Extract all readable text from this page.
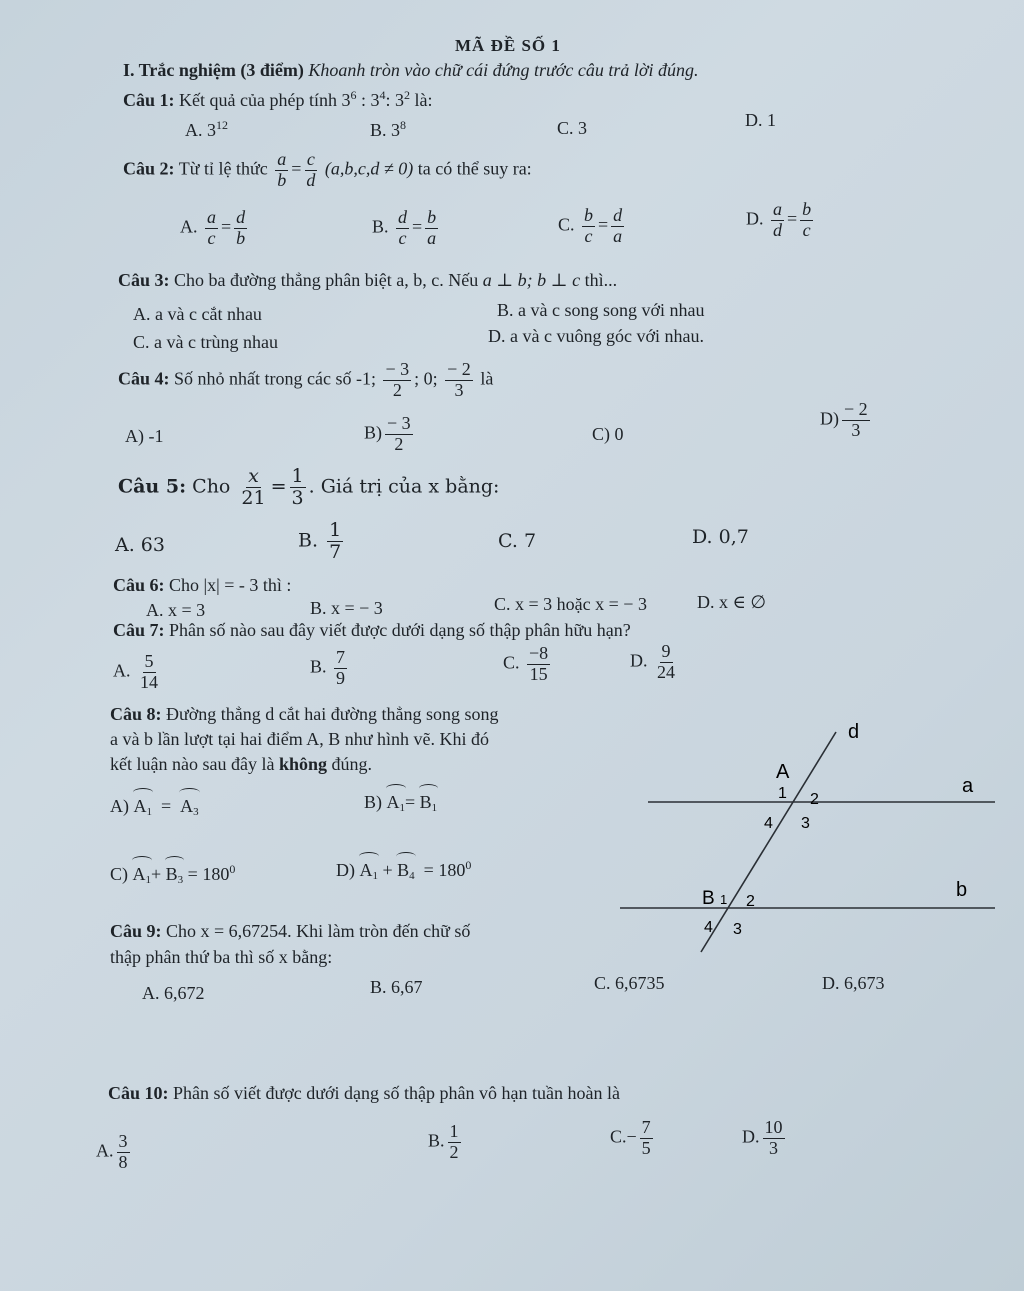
MÃ ĐỀ SỐ 1
I. Trắc nghiệm (3 điểm) Khoanh tròn vào chữ cái đứng trước câu trả lời đúng.
Câu 1: Kết quả của phép tính $3^6$ : $3^4$: $3^2$ là:
A. $3^{12}$	B. $3^8$	C. 3	D. 1
Câu 2: Từ tỉ lệ thức $\frac{a}{b} = \frac{c}{d} (a,b,c,d \ne 0)$ ta có thể suy ra:
A. $\frac{a}{c} = \frac{d}{b}$	B. $\frac{d}{c} = \frac{b}{a}$	C. $\frac{b}{c} = \frac{d}{a}$	D. $\frac{a}{d} = \frac{b}{c}$
Câu 3: Cho ba đường thẳng phân biệt a, b, c. Nếu a ⊥ b; b ⊥ c thì...
A. a và c cắt nhau	B. a và c song song với nhau
C. a và c trùng nhau	D. a và c vuông góc với nhau.
Câu 4: Số nhỏ nhất trong các số -1; $\frac{- 3}{2}$ ; 0; $\frac{- 2}{3}$ là
A) -1	$B) \frac{- 3}{2}$	C) 0
$D) \frac{- 2}{3}$
Câu 5: Cho $\frac{x}{21} = \frac{1}{3}$ . Giá trị của x bằng:
A. 63	B. $\frac{1}{7}$	C. 7	D. 0,7
Câu 6: Cho |x| = - 3 thì :
A. x = 3	B. x = − 3	C. x = 3 hoặc x = − 3	D. x ∈ ∅
Câu 7: Phân số nào sau đây viết được dưới dạng số thập phân hữu hạn?
A. $\frac{5}{14}$	B. $\frac{7}{9}$	C. $\frac{-8}{15}$	D. $\frac{9}{24}$
Câu 8: Đường thẳng d cắt hai đường thẳng song song
a và b lần lượt tại hai điểm A, B như hình vẽ. Khi đó
kết luận nào sau đây là không đúng.
A) $A_1 = A_3$	B) $A_1= B_1$
C) $A_1+ B_3 = 180^0$	D) $A_1 + B_4 = 180^0$
d
a
b
A
1 2
4 3
B 1 2
4 3
Câu 9: Cho x = 6,67254. Khi làm tròn đến chữ số
thập phân thứ ba thì số x bằng:
A. 6,672	B. 6,67	C. 6,6735	D. 6,673
Câu 10: Phân số viết được dưới dạng số thập phân vô hạn tuần hoàn là
A. $\frac{3}{8}$	B. $\frac{1}{2}$	$C.- \frac{7}{5}$	D. $\frac{10}{3}$
